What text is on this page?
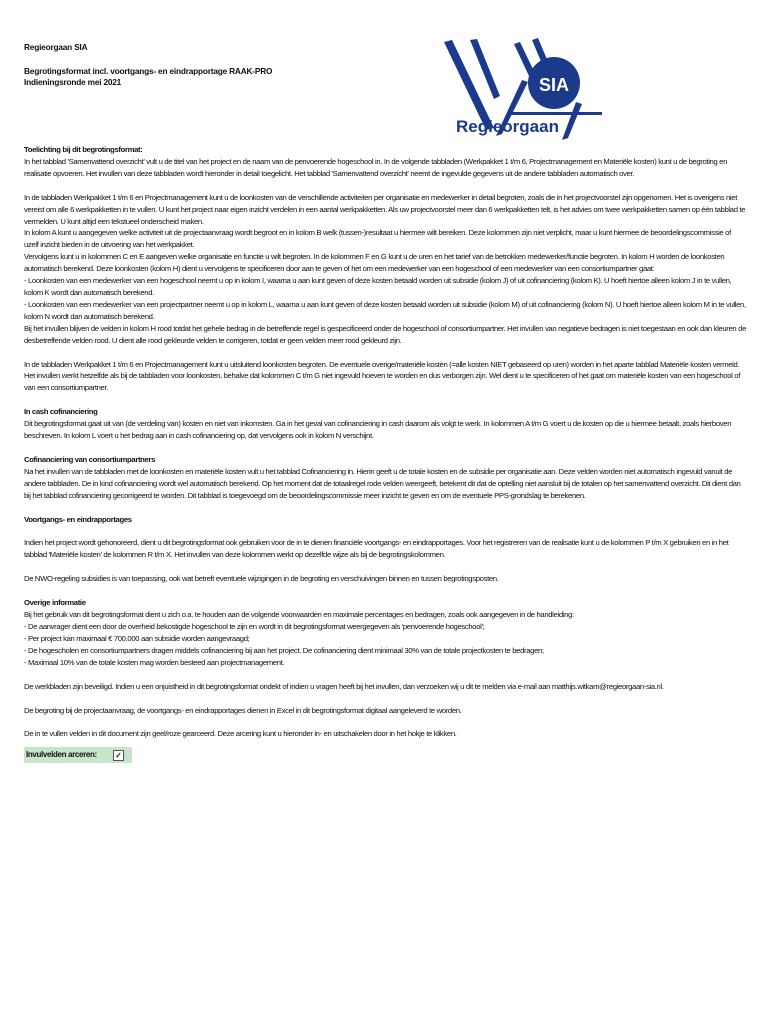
Regieorgaan SIA
Begrotingsformat incl. voortgangs- en eindrapportage RAAK-PRO
Indieningsronde mei 2021	SIA
Regieorgaan

Toelichting bij dit begrotingsformat:

In het tabblad 'Samenvattend overzicht' vult u de titel van het project en de naam van de penvoerende hogeschool in. In de volgende tabbladen (Werkpakket 1 t/m 6, Projectmanagement en Materiële kosten) kunt u de begroting en realisatie opvoeren. Het invullen van deze tabbladen wordt hieronder in detail toegelicht. Het tabblad 'Samenvattend overzicht' neemt de ingevulde gegevens uit de andere tabbladen automatisch over.

In de tabbladen Werkpakket 1 t/m 6 en Projectmanagement kunt u de loonkosten van de verschillende activiteiten per organisatie en medewerker in detail begroten, zoals die in het projectvoorstel zijn opgenomen. Het is overigens niet vereist om alle 6 werkpakketten in te vullen. U kunt het project naar eigen inzicht verdelen in een aantal werkpakketten. Als uw projectvoorstel meer dan 6 werkpakketten telt, is het advies om twee werkpakketten samen op één tabblad te vermelden. U kunt altijd een tekstueel onderscheid maken.

In kolom A kunt u aangegeven welke activiteit uit de projectaanvraag wordt begroot en in kolom B welk (tussen-)resultaat u hiermee wilt bereiken. Deze kolommen zijn niet verplicht, maar u kunt hiermee de beoordelingscommissie of uzelf inzicht bieden in de uitvoering van het werkpakket.

Vervolgens kunt u in kolommen C en E aangeven welke organisatie en functie u wilt begroten. In de kolommen F en G kunt u de uren en het tarief van de betrokken medewerker/functie begroten. In kolom H worden de loonkosten automatisch berekend. Deze loonkosten (kolom H) dient u vervolgens te specificeren door aan te geven of het om een medewerker van een hogeschool of een medewerker van een consortiumpartner gaat:

- Loonkosten van een medewerker van een hogeschool neemt u op in kolom I, waarna u aan kunt geven of deze kosten betaald worden uit subsidie (kolom J) of uit cofinanciering (kolom K). U hoeft hiertoe alleen kolom J in te vullen, kolom K wordt dan automatisch berekend.

- Loonkosten van een medewerker van een projectpartner neemt u op in kolom L, waarna u aan kunt geven of deze kosten betaald worden uit subsidie (kolom M) of uit cofinanciering (kolom N). U hoeft hiertoe alleen kolom M in te vullen, kolom N wordt dan automatisch berekend.

Bij het invullen blijven de velden in kolom H rood totdat het gehele bedrag in de betreffende regel is gespecificeerd onder de hogeschool of consortiumpartner. Het invullen van negatieve bedragen is niet toegestaan en ook dan kleuren de desbetreffende velden rood. U dient alle rood gekleurde velden te corrigeren, totdat er geen velden meer rood gekleurd zijn.

In de tabbladen Werkpakket 1 t/m 6 en Projectmanagement kunt u uitsluitend loonkosten begroten. De eventuele overige/materiële kosten (=alle kosten NIET gebaseerd op uren) worden in het aparte tabblad Materiële kosten vermeld. Het invullen werkt hetzelfde als bij de tabbladen voor loonkosten, behalve dat kolommen C t/m G niet ingevuld hoeven te worden en dus verborgen zijn. Wel dient u te specificeren of het gaat om materiële kosten van een hogeschool of van een consortiumpartner.

In cash cofinanciering

Dit begrotingsformat gaat uit van (de verdeling van) kosten en niet van inkomsten. Ga in het geval van cofinanciering in cash daarom als volgt te werk. In kolommen A t/m G voert u de kosten op die u hiermee betaalt, zoals hierboven beschreven. In kolom L voert u het bedrag aan in cash cofinanciering op, dat vervolgens ook in kolom N verschijnt.

Cofinanciering van consortiumpartners

Na het invullen van de tabbladen met de loonkosten en materiële kosten vult u het tabblad Cofinanciering in. Hierin geeft u de totale kosten en de subsidie per organisatie aan. Deze velden worden niet automatisch ingevuld vanuit de andere tabbladen. De in kind cofinanciering wordt wel automatisch berekend. Op het moment dat de totaalregel rode velden weergeeft, betekent dit dat de optelling niet aansluit bij de totalen op het samenvattend overzicht. Dit dient dan bij het tabblad cofinanciering gecorrigeerd te worden. Dit tabblad is toegevoegd om de beoordelingscommissie meer inzicht te geven en om de eventuele PPS-grondslag te berekenen.

Voortgangs- en eindrapportages

Indien het project wordt gehonoreerd, dient u dit begrotingsformat ook gebruiken voor de in te dienen financiële voortgangs- en eindrapportages. Voor het registreren van de realisatie kunt u de kolommen P t/m X gebruiken en in het tabblad 'Materiële kosten' de kolommen R t/m X. Het invullen van deze kolommen werkt op dezelfde wijze als bij de begrotingskolommen.

De NWO-regeling subsidies is van toepassing, ook wat betreft eventuele wijzigingen in de begroting en verschuivingen binnen en tussen begrotingsposten.

Overige informatie

Bij het gebruik van dit begrotingsformat dient u zich o.a. te houden aan de volgende voorwaarden en maximale percentages en bedragen, zoals ook aangegeven in de handleiding:

- De aanvrager dient een door de overheid bekostigde hogeschool te zijn en wordt in dit begrotingsformat weergegeven als 'penvoerende hogeschool';

- Per project kan maximaal € 700.000 aan subsidie worden aangevraagd;

- De hogescholen en consortiumpartners dragen middels cofinanciering bij aan het project. De cofinanciering dient minimaal 30% van de totale projectkosten te bedragen;

- Maximaal 10% van de totale kosten mag worden besteed aan projectmanagement.

De werkbladen zijn beveiligd. Indien u een onjuistheid in dit begrotingsformat ondekt of indien u vragen heeft bij het invullen, dan verzoeken wij u dit te melden via e-mail aan matthijs.witkam@regieorgaan-sia.nl.

De begroting bij de projectaanvraag, de voortgangs- en eindrapportages dienen in Excel in dit begrotingsformat digitaal aangeleverd te worden.

De in te vullen velden in dit document zijn geel/roze gearceerd. Deze arcering kunt u hieronder in- en uitschakelen door in het hokje te klikken.

Invulvelden arceren: ✓
